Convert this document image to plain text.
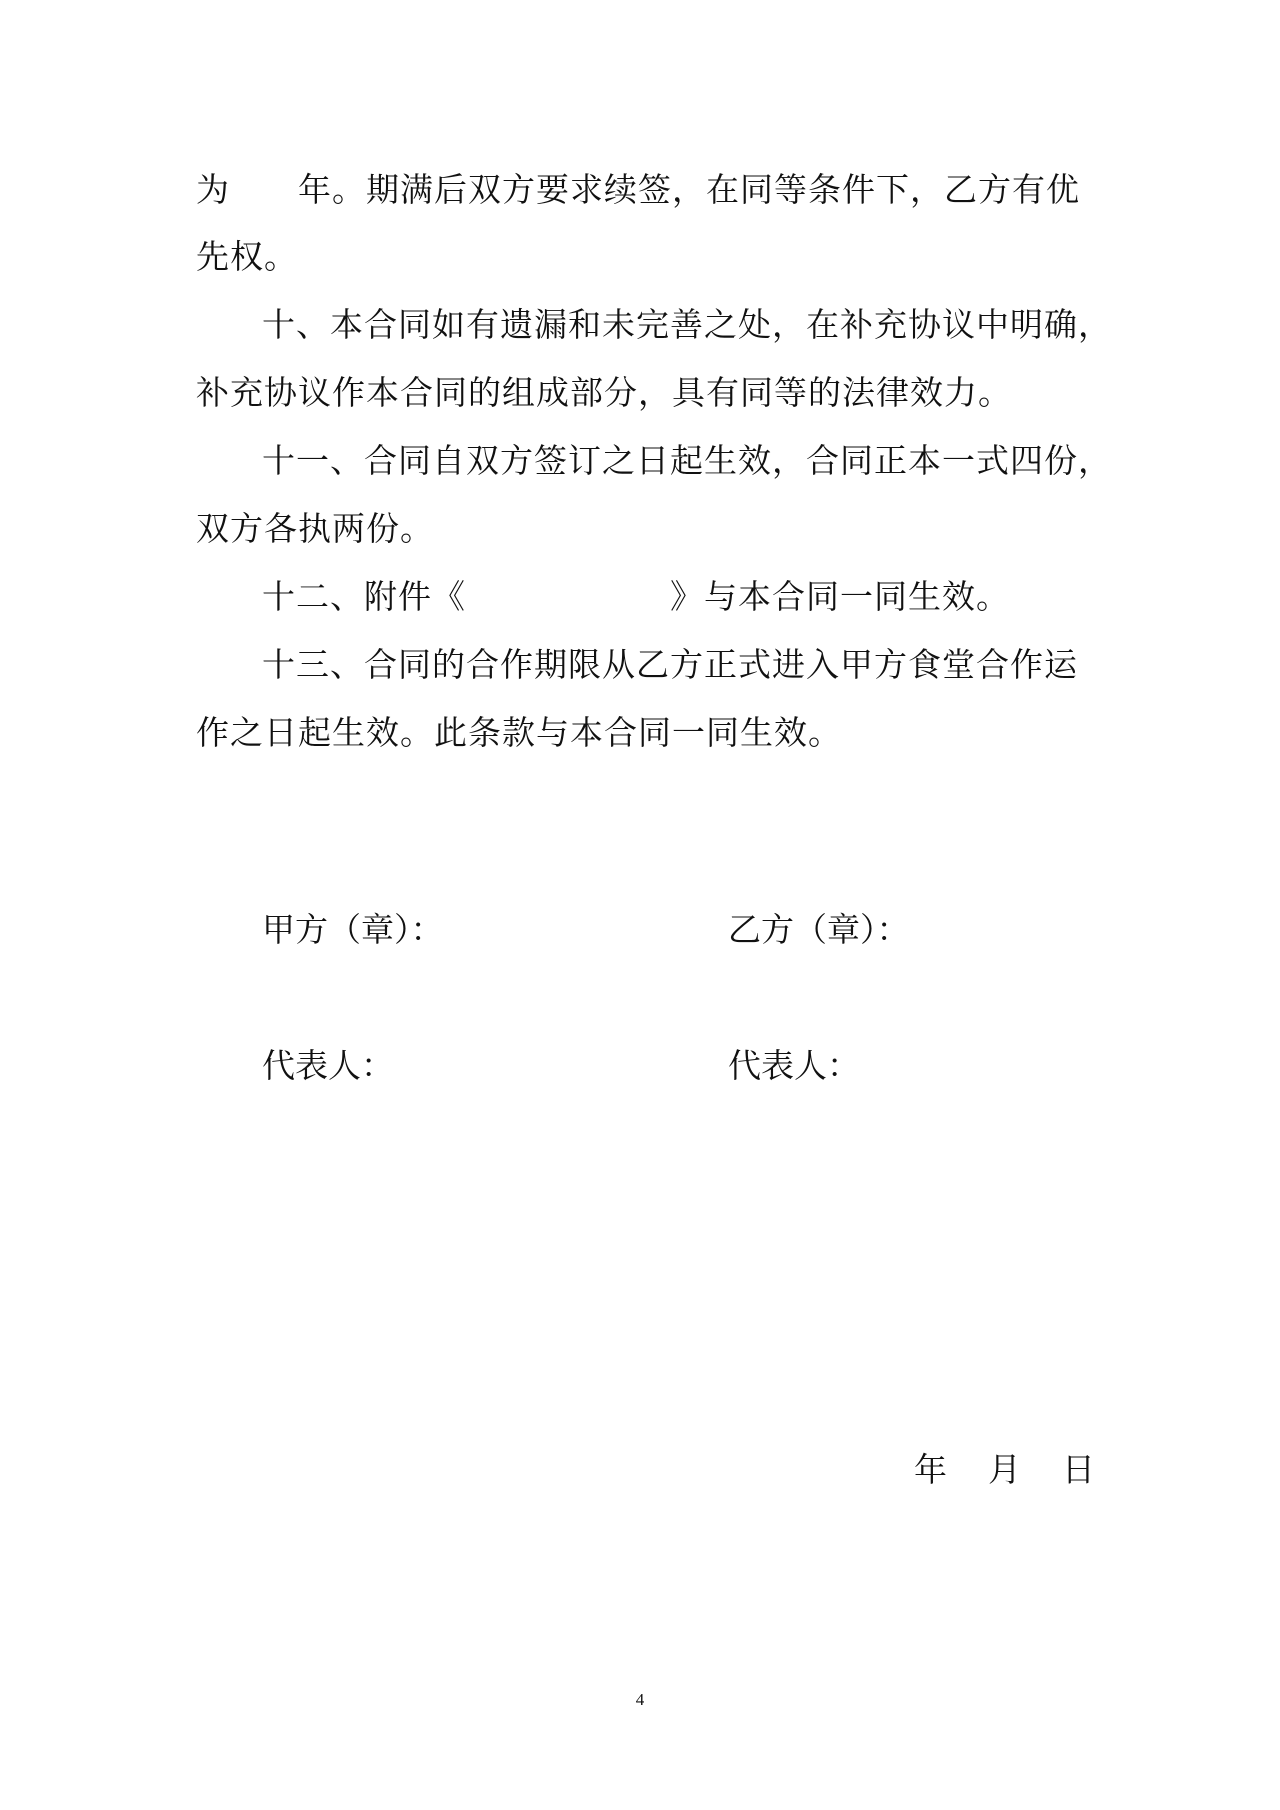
为　　年。期满后双方要求续签，在同等条件下，乙方有优
先权。
十、本合同如有遗漏和未完善之处，在补充协议中明确，
补充协议作本合同的组成部分，具有同等的法律效力。
十一、合同自双方签订之日起生效，合同正本一式四份，
双方各执两份。
十二、附件《　　　　　　》与本合同一同生效。
十三、合同的合作期限从乙方正式进入甲方食堂合作运
作之日起生效。此条款与本合同一同生效。
甲方（章）：	乙方（章）：
代表人：	代表人：
年	月	日
4
